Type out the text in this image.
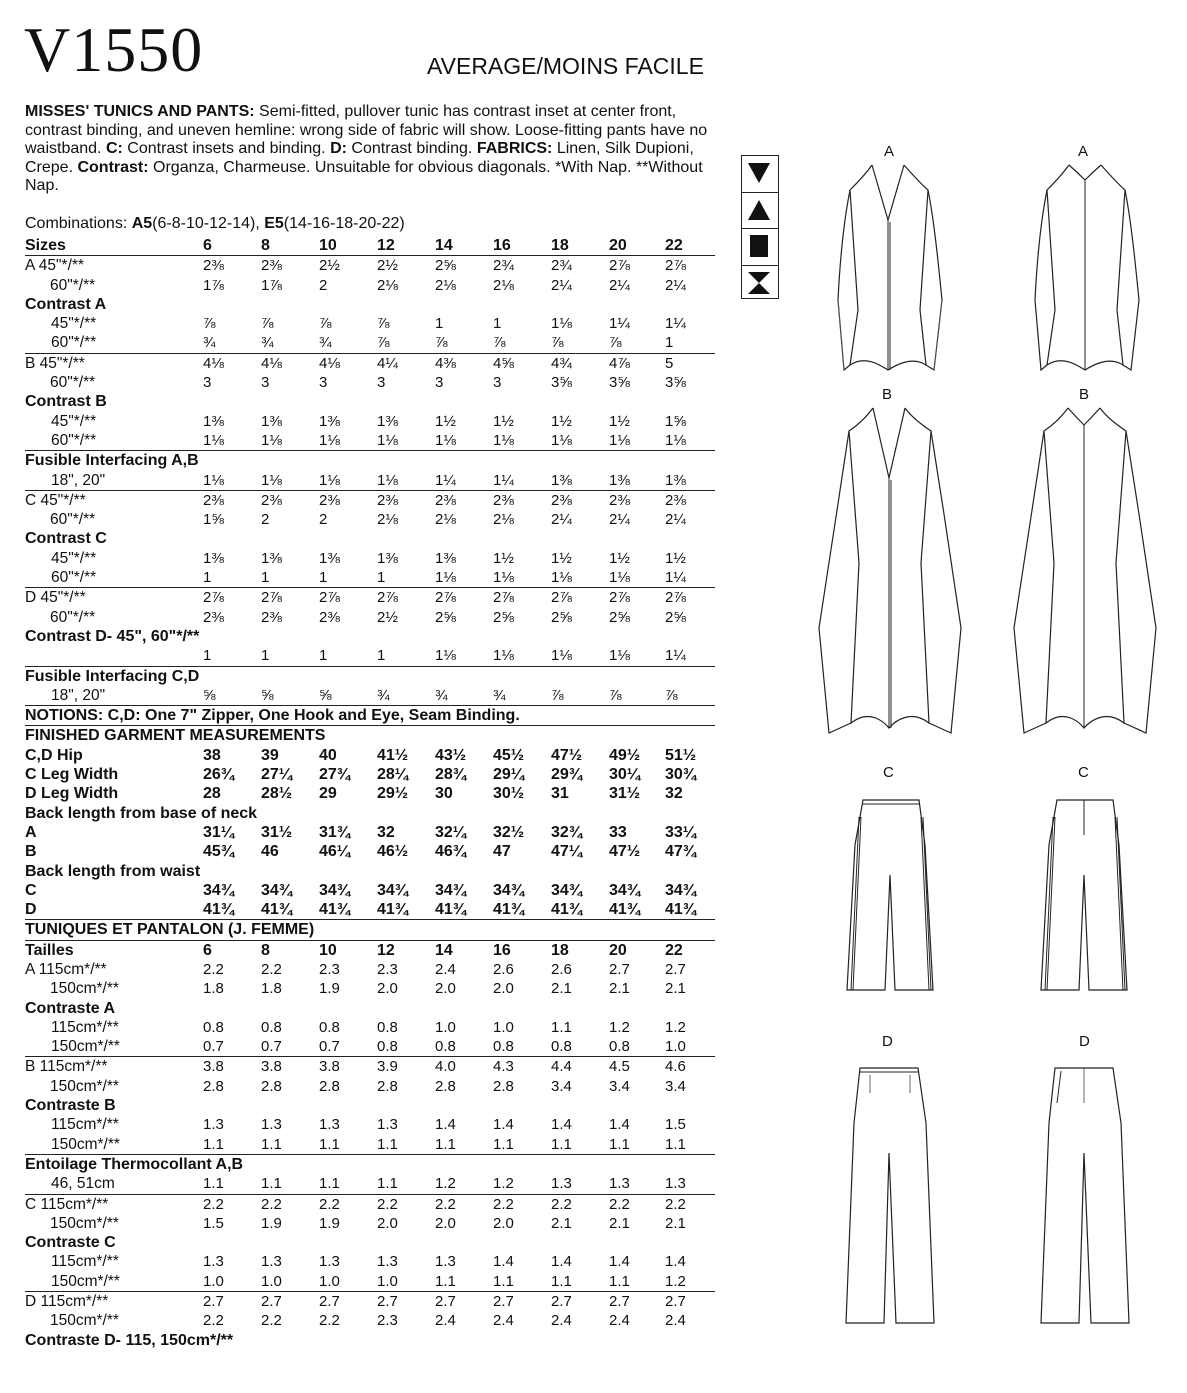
V1550	AVERAGE/MOINS FACILE
MISSES' TUNICS AND PANTS: Semi-fitted, pullover tunic has contrast inset at center front, contrast binding, and uneven hemline: wrong side of fabric will show. Loose-fitting pants have no waistband. C: Contrast insets and binding. D: Contrast binding. FABRICS: Linen, Silk Dupioni, Crepe. Contrast: Organza, Charmeuse. Unsuitable for obvious diagonals. *With Nap. **Without Nap.
Combinations: A5(6-8-10-12-14), E5(14-16-18-20-22)
Sizes	6	8	10	12	14	16	18	20 22
A 45"*/**	2⅜ 2⅜ 2½ 2½ 2⅝ 2¾ 2¾ 2⅞ 2⅞
60"*/**	1⅞ 1⅞ 2	2⅛ 2⅛ 2⅛ 2¼ 2¼ 2¼
Contrast A
45"*/**	⅞	⅞	⅞	⅞	1	1	1⅛ 1¼ 1¼
60"*/**	¾	¾	¾	⅞	⅞	⅞	⅞	⅞	1
B 45"*/**	4⅛ 4⅛ 4⅛ 4¼ 4⅜ 4⅝ 4¾ 4⅞ 5
60"*/**	3	3	3	3	3	3	3⅝ 3⅝ 3⅝
Contrast B
45"*/**	1⅜ 1⅜ 1⅜ 1⅜ 1½ 1½ 1½ 1½ 1⅝
60"*/**	1⅛ 1⅛ 1⅛ 1⅛ 1⅛ 1⅛ 1⅛ 1⅛ 1⅛
Fusible Interfacing A,B
18", 20"	1⅛ 1⅛ 1⅛ 1⅛ 1¼ 1¼ 1⅜ 1⅜ 1⅜
C 45"*/**	2⅜ 2⅜ 2⅜ 2⅜ 2⅜ 2⅜ 2⅜ 2⅜ 2⅜
60"*/**	1⅝ 2	2	2⅛ 2⅛ 2⅛ 2¼ 2¼ 2¼
Contrast C
45"*/**	1⅜ 1⅜ 1⅜ 1⅜ 1⅜ 1½ 1½ 1½ 1½
60"*/**	1	1	1	1	1⅛ 1⅛ 1⅛ 1⅛ 1¼
D 45"*/**	2⅞ 2⅞ 2⅞ 2⅞ 2⅞ 2⅞ 2⅞ 2⅞ 2⅞
60"*/**	2⅜ 2⅜ 2⅜ 2½ 2⅝ 2⅝ 2⅝ 2⅝ 2⅝
Contrast D- 45", 60"*/**
1	1	1	1	1⅛ 1⅛ 1⅛ 1⅛ 1¼
Fusible Interfacing C,D
18", 20"	⅝	⅝	⅝	¾	¾	¾	⅞	⅞	⅞
NOTIONS: C,D: One 7" Zipper, One Hook and Eye, Seam Binding.
FINISHED GARMENT MEASUREMENTS
C,D Hip	38	39	40	41½ 43½ 45½ 47½ 49½ 51½
C Leg Width	26¾ 27¼ 27¾ 28¼ 28¾ 29¼ 29¾ 30¼ 30¾
D Leg Width	28	28½ 29	29½ 30	30½ 31	31½ 32
Back length from base of neck
A	31¼ 31½ 31¾ 32	32¼ 32½ 32¾ 33 33¼
B	45¾ 46	46¼ 46½ 46¾ 47	47¼ 47½ 47¾
Back length from waist
C	34¾ 34¾ 34¾ 34¾ 34¾ 34¾ 34¾ 34¾ 34¾
D	41¾ 41¾ 41¾ 41¾ 41¾ 41¾ 41¾ 41¾ 41¾
TUNIQUES ET PANTALON (J. FEMME)
Tailles	6	8	10	12	14	16	18	20 22
A 115cm*/**	2.2 2.2 2.3 2.3 2.4 2.6 2.6 2.7 2.7
150cm*/**	1.8 1.8 1.9 2.0 2.0 2.0 2.1 2.1 2.1
Contraste A
115cm*/**	0.8 0.8 0.8 0.8 1.0 1.0 1.1 1.2 1.2
150cm*/**	0.7 0.7 0.7 0.8 0.8 0.8 0.8 0.8 1.0
B 115cm*/**	3.8 3.8 3.8 3.9 4.0 4.3 4.4 4.5 4.6
150cm*/**	2.8 2.8 2.8 2.8 2.8 2.8 3.4 3.4 3.4
Contraste B
115cm*/**	1.3 1.3 1.3 1.3 1.4 1.4 1.4 1.4 1.5
150cm*/**	1.1 1.1 1.1 1.1 1.1 1.1 1.1 1.1 1.1
Entoilage Thermocollant A,B
46, 51cm	1.1 1.1 1.1 1.1 1.2 1.2 1.3 1.3 1.3
C 115cm*/**	2.2 2.2 2.2 2.2 2.2 2.2 2.2 2.2 2.2
150cm*/**	1.5 1.9 1.9 2.0 2.0 2.0 2.1 2.1 2.1
Contraste C
115cm*/**	1.3 1.3 1.3 1.3 1.3 1.4 1.4 1.4 1.4
150cm*/**	1.0 1.0 1.0 1.0 1.1 1.1 1.1 1.1 1.2
D 115cm*/**	2.7 2.7 2.7 2.7 2.7 2.7 2.7 2.7 2.7
150cm*/**	2.2 2.2 2.2 2.3 2.4 2.4 2.4 2.4 2.4
Contraste D- 115, 150cm*/**
A	A
B	B
C	C
D	D
